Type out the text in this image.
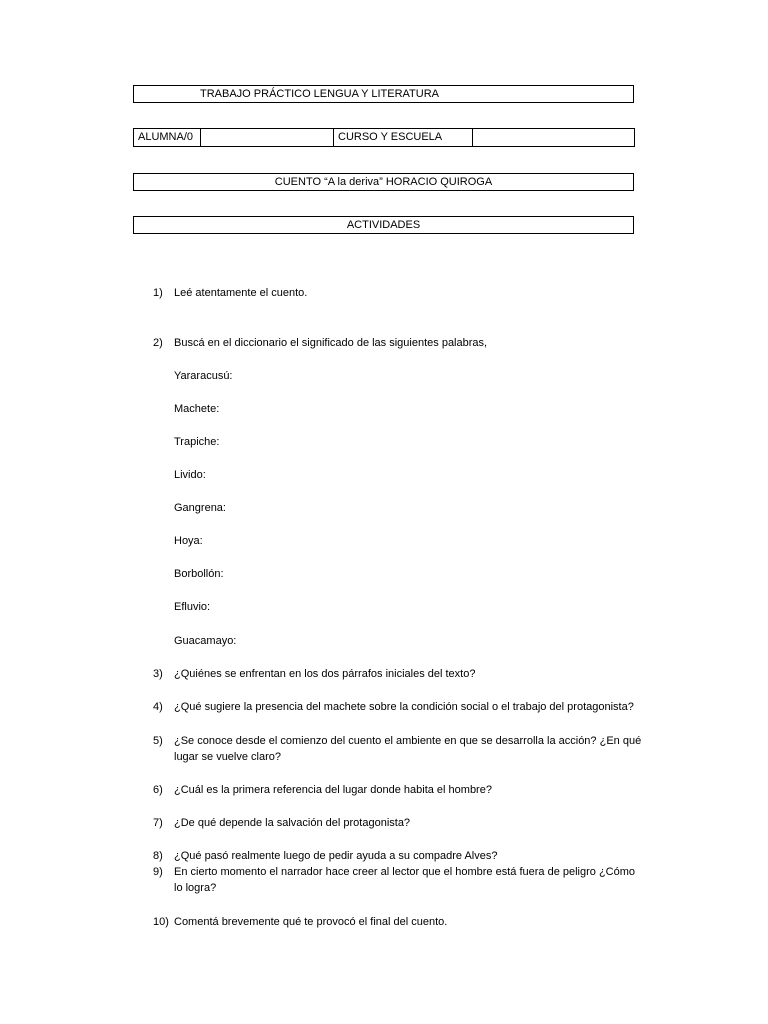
TRABAJO PRÁCTICO LENGUA Y LITERATURA
ALUMNA/0	CURSO Y ESCUELA
CUENTO “A la deriva” HORACIO QUIROGA
ACTIVIDADES
1) Leé atentamente el cuento.
2) Buscá en el diccionario el significado de las siguientes palabras,
Yararacusú:
Machete:
Trapiche:
Livido:
Gangrena:
Hoya:
Borbollón:
Efluvio:
Guacamayo:
3) ¿Quiénes se enfrentan en los dos párrafos iniciales del texto?
4) ¿Qué sugiere la presencia del machete sobre la condición social o el trabajo del protagonista?
5) ¿Se conoce desde el comienzo del cuento el ambiente en que se desarrolla la acción? ¿En qué lugar se vuelve claro?
6) ¿Cuál es la primera referencia del lugar donde habita el hombre?
7) ¿De qué depende la salvación del protagonista?
8) ¿Qué pasó realmente luego de pedir ayuda a su compadre Alves?
9) En cierto momento el narrador hace creer al lector que el hombre está fuera de peligro ¿Cómo lo logra?
10) Comentá brevemente qué te provocó el final del cuento.
